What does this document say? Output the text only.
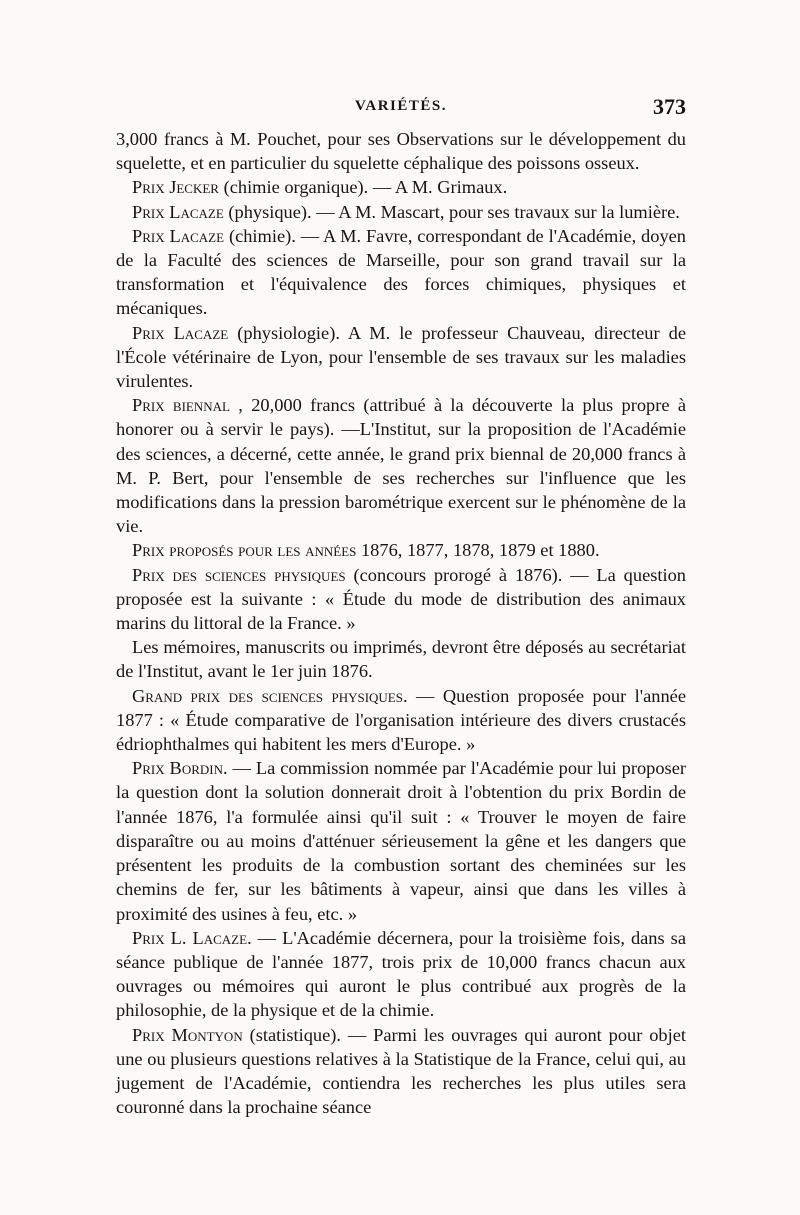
VARIÉTÉS.	373

3,000 francs à M. Pouchet, pour ses Observations sur le développement du squelette, et en particulier du squelette céphalique des poissons osseux.

Prix Jecker (chimie organique). — A M. Grimaux.

Prix Lacaze (physique). — A M. Mascart, pour ses travaux sur la lumière.

Prix Lacaze (chimie). — A M. Favre, correspondant de l'Académie, doyen de la Faculté des sciences de Marseille, pour son grand travail sur la transformation et l'équivalence des forces chimiques, physiques et mécaniques.

Prix Lacaze (physiologie). A M. le professeur Chauveau, directeur de l'École vétérinaire de Lyon, pour l'ensemble de ses travaux sur les maladies virulentes.

Prix biennal , 20,000 francs (attribué à la découverte la plus propre à honorer ou à servir le pays). —L'Institut, sur la proposition de l'Académie des sciences, a décerné, cette année, le grand prix biennal de 20,000 francs à M. P. Bert, pour l'ensemble de ses recherches sur l'influence que les modifications dans la pression barométrique exercent sur le phénomène de la vie.

Prix proposés pour les années 1876, 1877, 1878, 1879 et 1880.

Prix des sciences physiques (concours prorogé à 1876). — La question proposée est la suivante : « Étude du mode de distribution des animaux marins du littoral de la France. »

Les mémoires, manuscrits ou imprimés, devront être déposés au secrétariat de l'Institut, avant le 1er juin 1876.

Grand prix des sciences physiques. — Question proposée pour l'année 1877 : « Étude comparative de l'organisation intérieure des divers crustacés édriophthalmes qui habitent les mers d'Europe. »

Prix Bordin. — La commission nommée par l'Académie pour lui proposer la question dont la solution donnerait droit à l'obtention du prix Bordin de l'année 1876, l'a formulée ainsi qu'il suit : « Trouver le moyen de faire disparaître ou au moins d'atténuer sérieusement la gêne et les dangers que présentent les produits de la combustion sortant des cheminées sur les chemins de fer, sur les bâtiments à vapeur, ainsi que dans les villes à proximité des usines à feu, etc. »

Prix L. Lacaze. — L'Académie décernera, pour la troisième fois, dans sa séance publique de l'année 1877, trois prix de 10,000 francs chacun aux ouvrages ou mémoires qui auront le plus contribué aux progrès de la philosophie, de la physique et de la chimie.

Prix Montyon (statistique). — Parmi les ouvrages qui auront pour objet une ou plusieurs questions relatives à la Statistique de la France, celui qui, au jugement de l'Académie, contiendra les recherches les plus utiles sera couronné dans la prochaine séance
